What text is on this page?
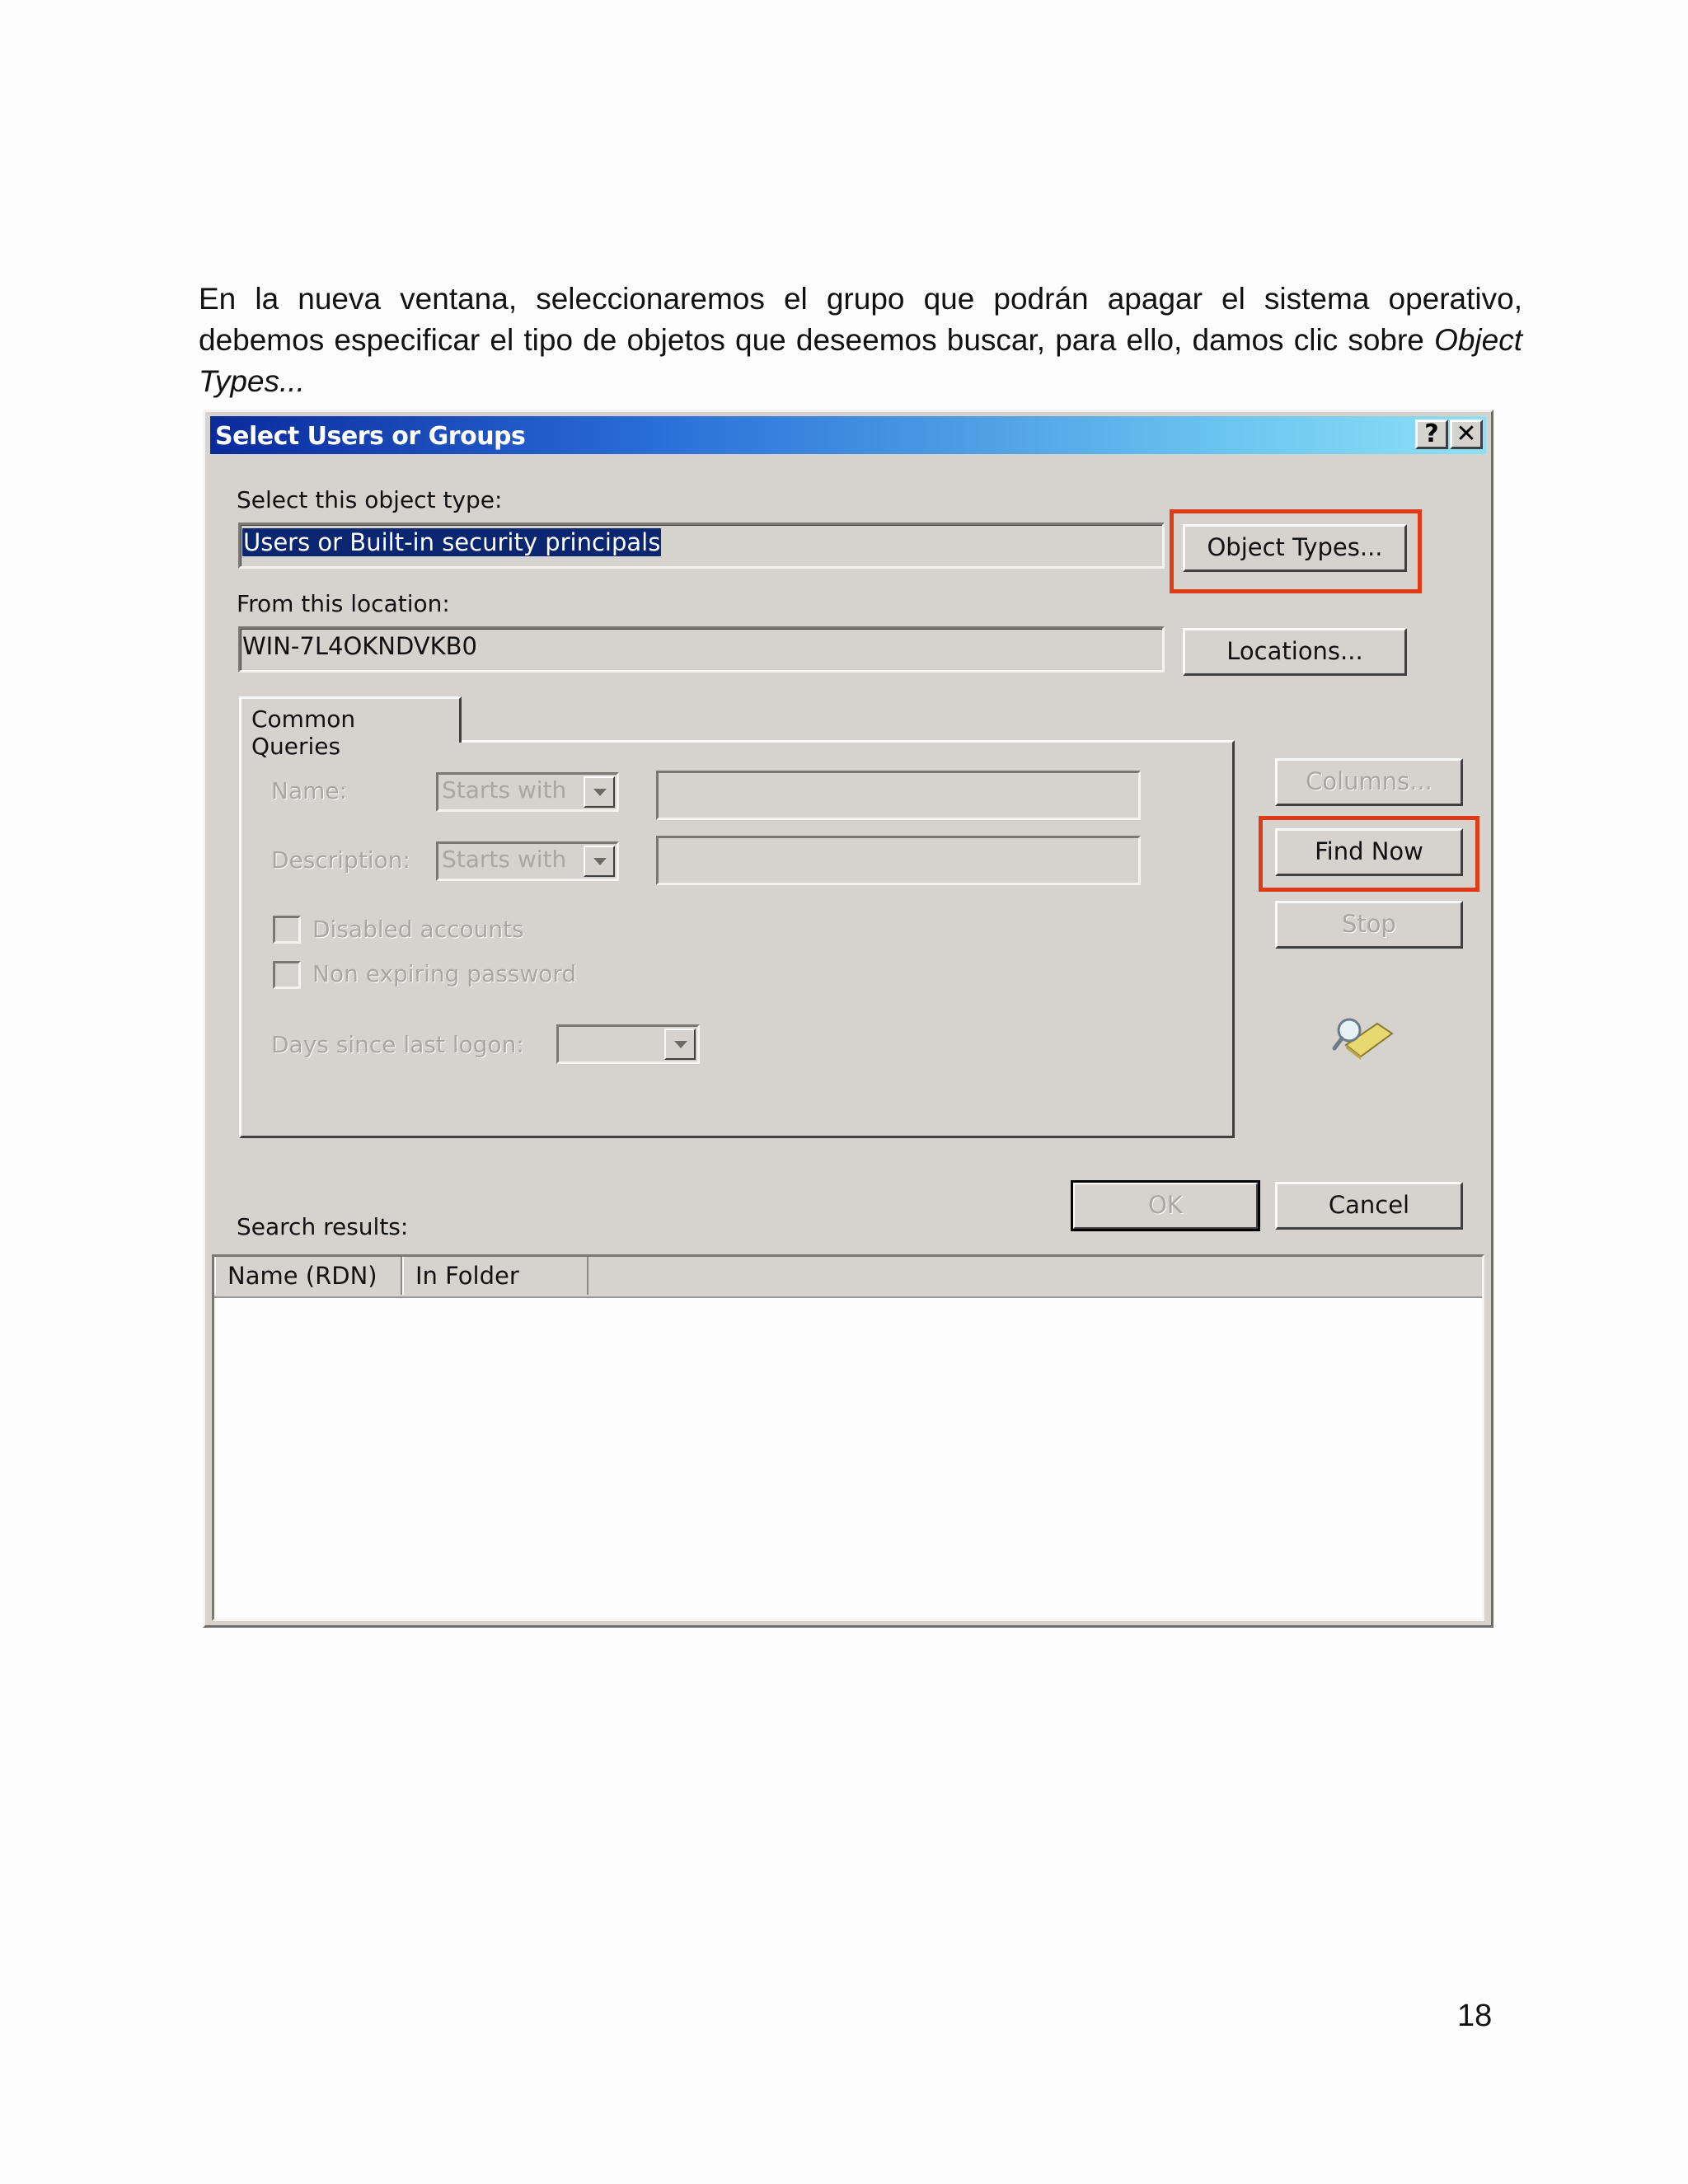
En la nueva ventana, seleccionaremos el grupo que podrán apagar el sistema operativo, debemos especificar el tipo de objetos que deseemos buscar, para ello, damos clic sobre Object Types...
Select Users or Groups	? ✕
Select this object type:
Users or Built-in security principals	Object Types...
From this location:
WIN-7L4OKNDVKB0	Locations...
Common Queries
Name:	Starts with
Description: Starts with
Disabled accounts
Non expiring password
Days since last logon:
Columns...
Find Now
Stop
OK	Cancel
Search results:
Name (RDN)	In Folder
18
